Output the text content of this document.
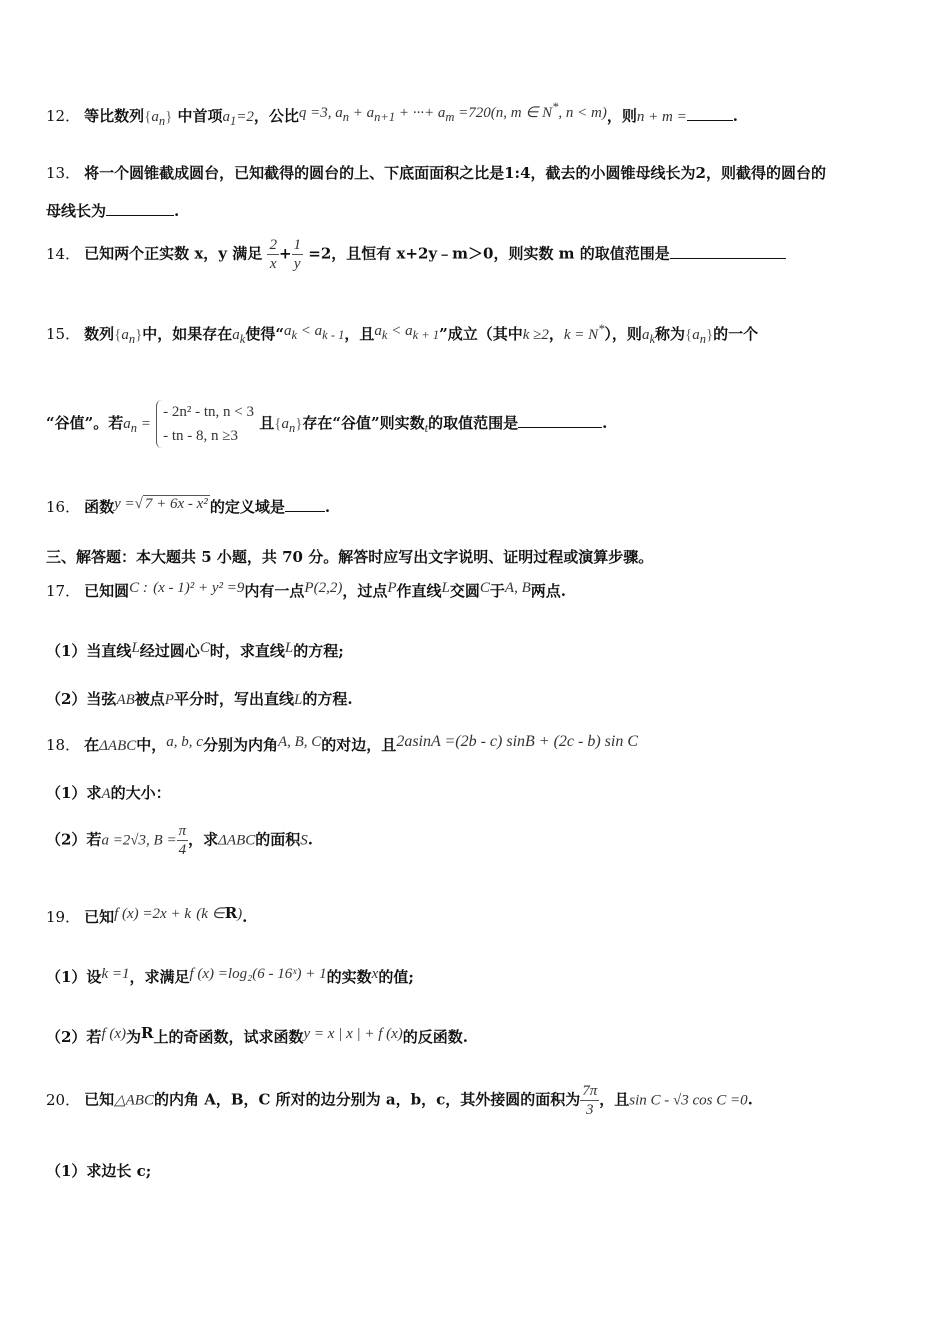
12． 等比数列$\{a_n\}$ 中首项$a_1=2$，公比q =3, $a_n + a_{n+1}$ + ···+ $a_m =720(n$, m ∈ N*, n < m)，则n + m =	.
13． 将一个圆锥截成圆台，已知截得的圆台的上、下底面面积之比是1:4，截去的小圆锥母线长为2，则截得的圆台的
母线长为	.
14． 已知两个正实数 x，y 满足 $\frac{2}{x} + \frac{1}{y} =2$，且恒有 x+2y﹣m＞0，则实数 m 的取值范围是
15． 数列$\{a_n\}$中，如果存在$a_k$使得“$a_k < a_{k - 1}$，且$a_k < a_{k + 1}$”成立（其中k ≥2，k = N*），则$a_k$称为$\{a_n\}$的一个
“谷值”。若$a_n$ =
- 2n² - tn, n < 3
- tn - 8, n ≥3
且$\{a_n\}$存在“谷值”则实数$_t$的取值范围是	.
16． 函数y =√ 7 + 6x - x² 的定义域是	.
三、解答题：本大题共 5 小题，共 70 分。解答时应写出文字说明、证明过程或演算步骤。
17． 已知圆C : (x - 1)² + y² =9内有一点P(2,2)，过点P作直线L交圆C于A, B两点.
（1）当直线L经过圆心C时，求直线L的方程;
（2）当弦AB被点P平分时，写出直线L的方程.
18． 在ΔABC中，a, b, c分别为内角A, B, C的对边，且2asinA =(2b - c) sinB + (2c - b) sin C
（1）求A的大小：
（2）若a =2√3, $B = \frac{\pi}{4}$ ，求ΔABC的面积S.
19． 已知f (x) =2x + k (k ∈R).
（1）设k =1，求满足f (x) =log₂(6 - 16ˣ) + 1的实数x的值;
（2）若f (x)为R上的奇函数，试求函数y = x | x | + f (x)的反函数.
20． 已知△ABC的内角 A，B，C 所对的边分别为 a，b，c，其外接圆的面积为 $\frac{7\pi}{3}$ ，且sin C - √3 cos C =0.
（1）求边长 c;
